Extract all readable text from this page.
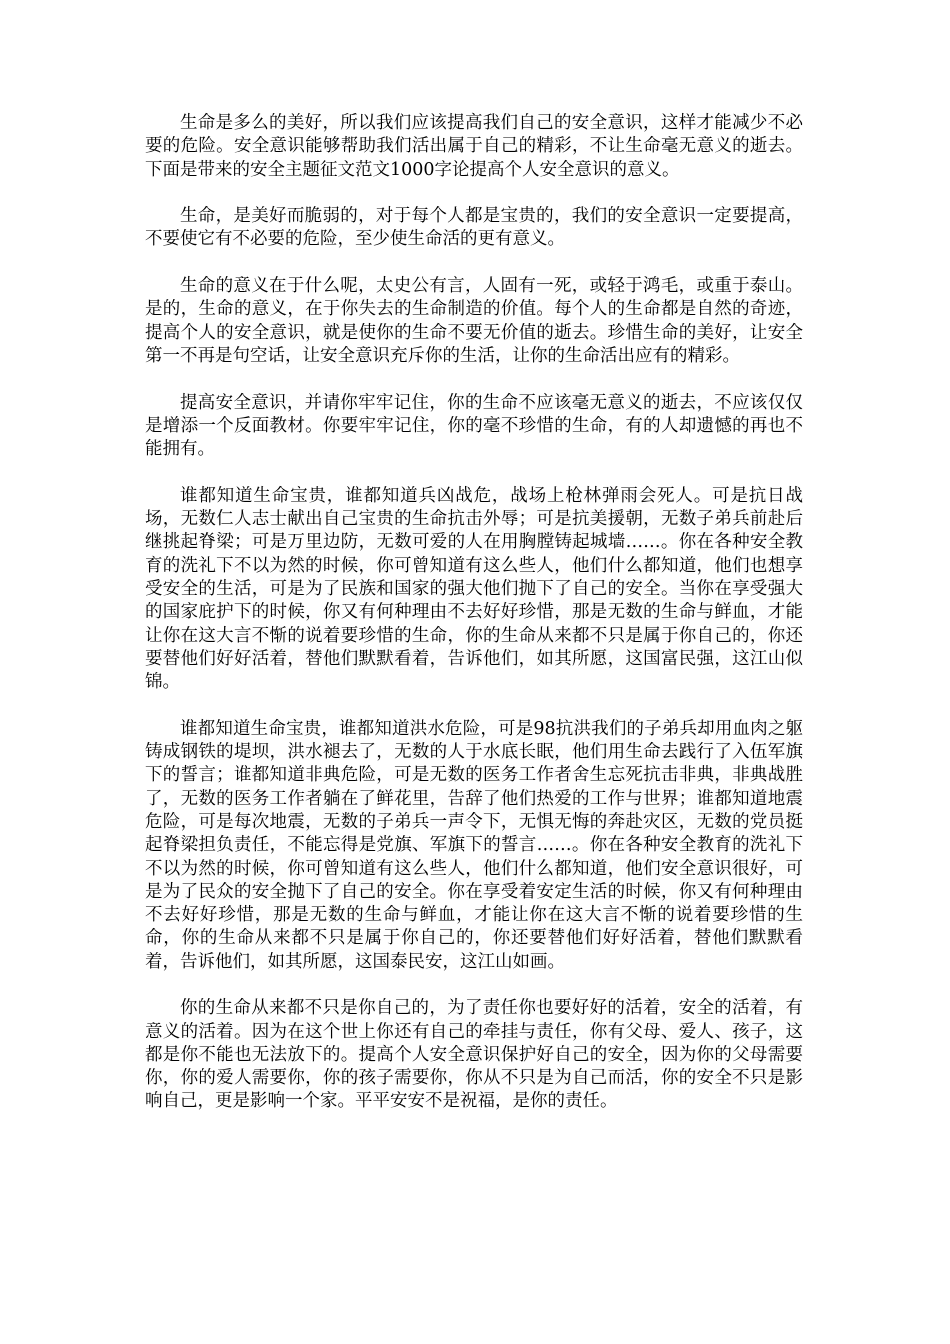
生命是多么的美好，所以我们应该提高我们自己的安全意识，这样才能减少不必要的危险。安全意识能够帮助我们活出属于自己的精彩，不让生命毫无意义的逝去。下面是带来的安全主题征文范文1000字论提高个人安全意识的意义。

生命，是美好而脆弱的，对于每个人都是宝贵的，我们的安全意识一定要提高，不要使它有不必要的危险，至少使生命活的更有意义。

生命的意义在于什么呢，太史公有言，人固有一死，或轻于鸿毛，或重于泰山。是的，生命的意义，在于你失去的生命制造的价值。每个人的生命都是自然的奇迹，提高个人的安全意识，就是使你的生命不要无价值的逝去。珍惜生命的美好，让安全第一不再是句空话，让安全意识充斥你的生活，让你的生命活出应有的精彩。

提高安全意识，并请你牢牢记住，你的生命不应该毫无意义的逝去，不应该仅仅是增添一个反面教材。你要牢牢记住，你的毫不珍惜的生命，有的人却遗憾的再也不能拥有。

谁都知道生命宝贵，谁都知道兵凶战危，战场上枪林弹雨会死人。可是抗日战场，无数仁人志士献出自己宝贵的生命抗击外辱；可是抗美援朝，无数子弟兵前赴后继挑起脊梁；可是万里边防，无数可爱的人在用胸膛铸起城墙……。你在各种安全教育的洗礼下不以为然的时候，你可曾知道有这么些人，他们什么都知道，他们也想享受安全的生活，可是为了民族和国家的强大他们抛下了自己的安全。当你在享受强大的国家庇护下的时候，你又有何种理由不去好好珍惜，那是无数的生命与鲜血，才能让你在这大言不惭的说着要珍惜的生命，你的生命从来都不只是属于你自己的，你还要替他们好好活着，替他们默默看着，告诉他们，如其所愿，这国富民强，这江山似锦。

谁都知道生命宝贵，谁都知道洪水危险，可是98抗洪我们的子弟兵却用血肉之躯铸成钢铁的堤坝，洪水褪去了，无数的人于水底长眠，他们用生命去践行了入伍军旗下的誓言；谁都知道非典危险，可是无数的医务工作者舍生忘死抗击非典，非典战胜了，无数的医务工作者躺在了鲜花里，告辞了他们热爱的工作与世界；谁都知道地震危险，可是每次地震，无数的子弟兵一声令下，无惧无悔的奔赴灾区，无数的党员挺起脊梁担负责任，不能忘得是党旗、军旗下的誓言……。你在各种安全教育的洗礼下不以为然的时候，你可曾知道有这么些人，他们什么都知道，他们安全意识很好，可是为了民众的安全抛下了自己的安全。你在享受着安定生活的时候，你又有何种理由不去好好珍惜，那是无数的生命与鲜血，才能让你在这大言不惭的说着要珍惜的生命，你的生命从来都不只是属于你自己的，你还要替他们好好活着，替他们默默看着，告诉他们，如其所愿，这国泰民安，这江山如画。

你的生命从来都不只是你自己的，为了责任你也要好好的活着，安全的活着，有意义的活着。因为在这个世上你还有自己的牵挂与责任，你有父母、爱人、孩子，这都是你不能也无法放下的。提高个人安全意识保护好自己的安全，因为你的父母需要你，你的爱人需要你，你的孩子需要你，你从不只是为自己而活，你的安全不只是影响自己，更是影响一个家。平平安安不是祝福，是你的责任。
